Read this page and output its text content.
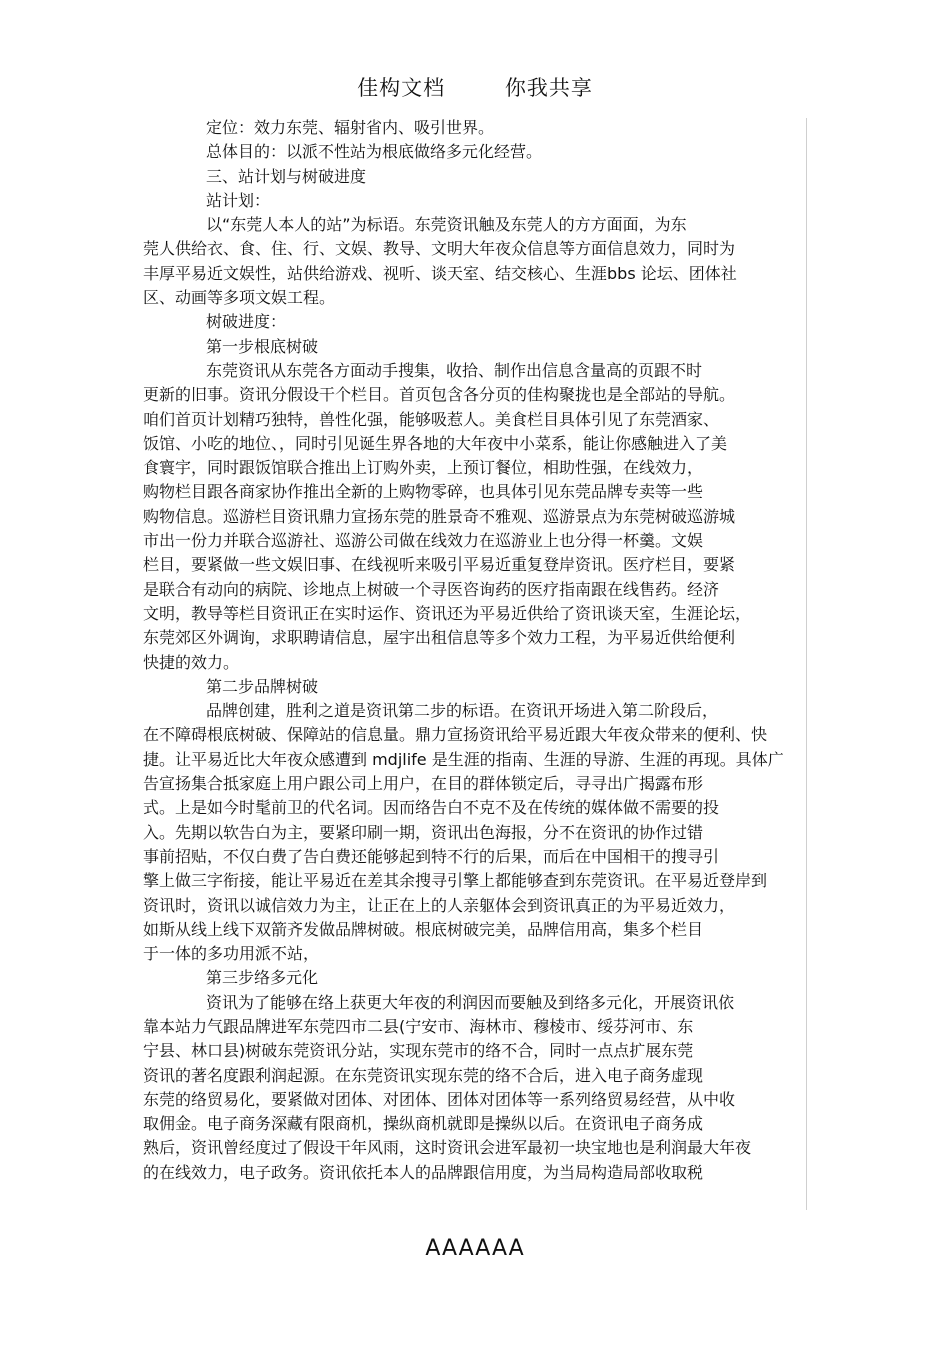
佳构文档	你我共享
定位：效力东莞、辐射省内、吸引世界。
总体目的：以派不性站为根底做络多元化经营。
三、站计划与树破进度
站计划：
以“东莞人本人的站”为标语。东莞资讯触及东莞人的方方面面，为东
莞人供给衣、食、住、行、文娱、教导、文明大年夜众信息等方面信息效力，同时为
丰厚平易近文娱性，站供给游戏、视听、谈天室、结交核心、生涯bbs 论坛、团体社
区、动画等多项文娱工程。
树破进度：
第一步根底树破
东莞资讯从东莞各方面动手搜集，收拾、制作出信息含量高的页跟不时
更新的旧事。资讯分假设干个栏目。首页包含各分页的佳构聚拢也是全部站的导航。
咱们首页计划精巧独特，兽性化强，能够吸惹人。美食栏目具体引见了东莞酒家、
饭馆、小吃的地位、，同时引见诞生界各地的大年夜中小菜系，能让你感触进入了美
食寰宇，同时跟饭馆联合推出上订购外卖，上预订餐位，相助性强，在线效力，
购物栏目跟各商家协作推出全新的上购物零碎，也具体引见东莞品牌专卖等一些
购物信息。巡游栏目资讯鼎力宣扬东莞的胜景奇不雅观、巡游景点为东莞树破巡游城
市出一份力并联合巡游社、巡游公司做在线效力在巡游业上也分得一杯羹。文娱
栏目，要紧做一些文娱旧事、在线视听来吸引平易近重复登岸资讯。医疗栏目，要紧
是联合有动向的病院、诊地点上树破一个寻医咨询药的医疗指南跟在线售药。经济
文明，教导等栏目资讯正在实时运作、资讯还为平易近供给了资讯谈天室，生涯论坛，
东莞郊区外调询，求职聘请信息，屋宇出租信息等多个效力工程，为平易近供给便利
快捷的效力。
第二步品牌树破
品牌创建，胜利之道是资讯第二步的标语。在资讯开场进入第二阶段后，
在不障碍根底树破、保障站的信息量。鼎力宣扬资讯给平易近跟大年夜众带来的便利、快
捷。让平易近比大年夜众感遭到 mdjlife 是生涯的指南、生涯的导游、生涯的再现。具体广
告宣扬集合抵家庭上用户跟公司上用户，在目的群体锁定后，寻寻出广揭露布形
式。上是如今时髦前卫的代名词。因而络告白不克不及在传统的媒体做不需要的投
入。先期以软告白为主，要紧印刷一期，资讯出色海报，分不在资讯的协作过错
事前招贴，不仅白费了告白费还能够起到特不行的后果，而后在中国相干的搜寻引
擎上做三字衔接，能让平易近在差其余搜寻引擎上都能够查到东莞资讯。在平易近登岸到
资讯时，资讯以诚信效力为主，让正在上的人亲躯体会到资讯真正的为平易近效力，
如斯从线上线下双箭齐发做品牌树破。根底树破完美，品牌信用高，集多个栏目
于一体的多功用派不站，
第三步络多元化
资讯为了能够在络上获更大年夜的利润因而要触及到络多元化，开展资讯依
靠本站力气跟品牌进军东莞四市二县(宁安市、海林市、穆棱市、绥芬河市、东
宁县、林口县)树破东莞资讯分站，实现东莞市的络不合，同时一点点扩展东莞
资讯的著名度跟利润起源。在东莞资讯实现东莞的络不合后，进入电子商务虚现
东莞的络贸易化，要紧做对团体、对团体、团体对团体等一系列络贸易经营，从中收
取佣金。电子商务深藏有限商机，操纵商机就即是操纵以后。在资讯电子商务成
熟后，资讯曾经度过了假设干年风雨，这时资讯会进军最初一块宝地也是利润最大年夜
的在线效力，电子政务。资讯依托本人的品牌跟信用度，为当局构造局部收取税
AAAAAA
